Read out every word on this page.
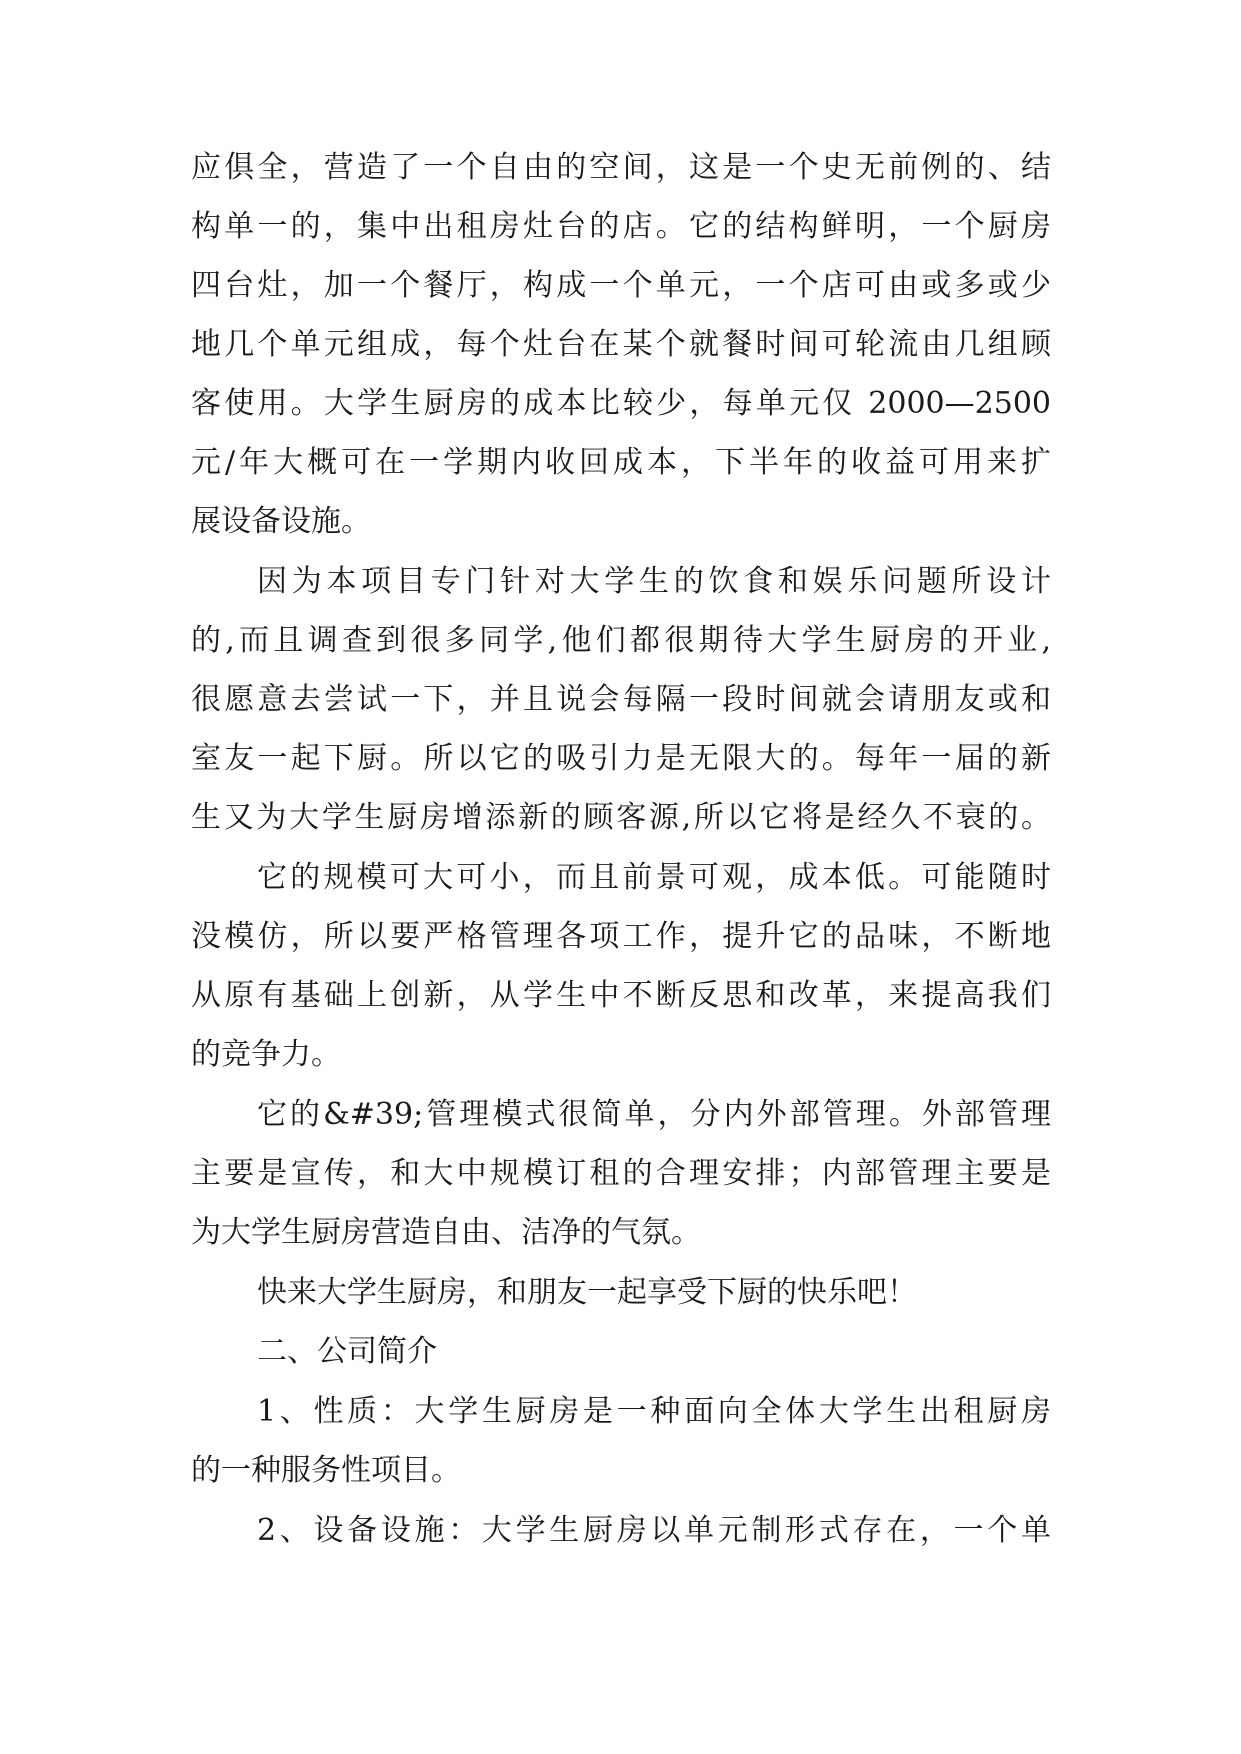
应俱全，营造了一个自由的空间，这是一个史无前例的、结
构单一的，集中出租房灶台的店。它的结构鲜明，一个厨房
四台灶，加一个餐厅，构成一个单元，一个店可由或多或少
地几个单元组成，每个灶台在某个就餐时间可轮流由几组顾
客使用。大学生厨房的成本比较少，每单元仅 2000—2500
元/年大概可在一学期内收回成本，下半年的收益可用来扩
展设备设施。
因为本项目专门针对大学生的饮食和娱乐问题所设计
的,而且调查到很多同学,他们都很期待大学生厨房的开业,
很愿意去尝试一下，并且说会每隔一段时间就会请朋友或和
室友一起下厨。所以它的吸引力是无限大的。每年一届的新
生又为大学生厨房增添新的顾客源,所以它将是经久不衰的。
它的规模可大可小，而且前景可观，成本低。可能随时
没模仿，所以要严格管理各项工作，提升它的品味，不断地
从原有基础上创新，从学生中不断反思和改革，来提高我们
的竞争力。
它的&#39;管理模式很简单，分内外部管理。外部管理
主要是宣传，和大中规模订租的合理安排；内部管理主要是
为大学生厨房营造自由、洁净的气氛。
快来大学生厨房，和朋友一起享受下厨的快乐吧！
二、公司简介
1、性质：大学生厨房是一种面向全体大学生出租厨房
的一种服务性项目。
2、设备设施：大学生厨房以单元制形式存在，一个单
